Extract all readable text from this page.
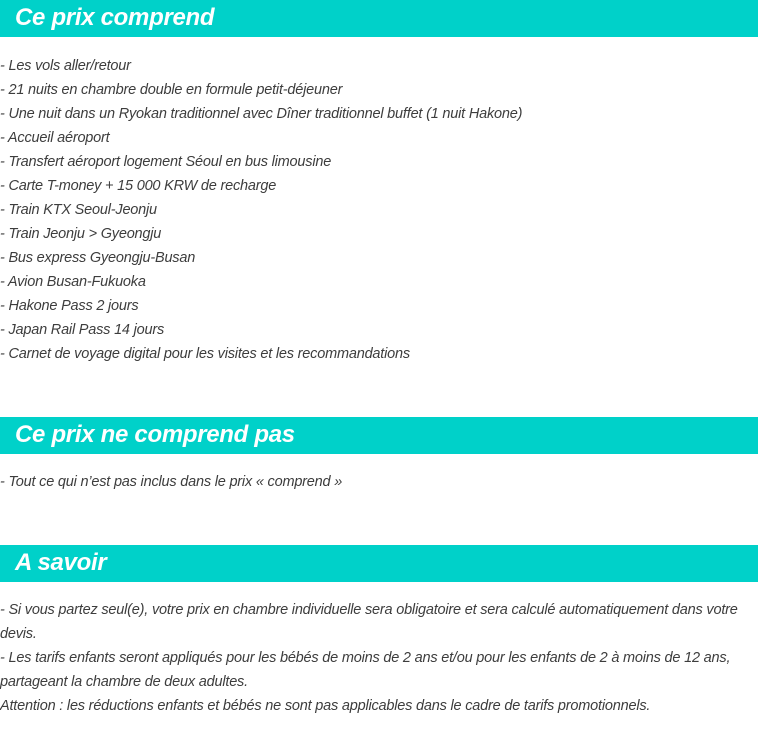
Ce prix comprend
- Les vols aller/retour
- 21 nuits en chambre double en formule petit-déjeuner
- Une nuit dans un Ryokan traditionnel avec Dîner traditionnel buffet (1 nuit Hakone)
- Accueil aéroport
- Transfert aéroport logement Séoul en bus limousine
- Carte T-money + 15 000 KRW de recharge
- Train KTX Seoul-Jeonju
- Train Jeonju > Gyeongju
- Bus express Gyeongju-Busan
- Avion Busan-Fukuoka
- Hakone Pass 2 jours
- Japan Rail Pass 14 jours
- Carnet de voyage digital pour les visites et les recommandations
Ce prix ne comprend pas
- Tout ce qui n’est pas inclus dans le prix « comprend »
A savoir

- Si vous partez seul(e), votre prix en chambre individuelle sera obligatoire et sera calculé automatiquement dans votre devis.

- Les tarifs enfants seront appliqués pour les bébés de moins de 2 ans et/ou pour les enfants de 2 à moins de 12 ans, partageant la chambre de deux adultes.

Attention : les réductions enfants et bébés ne sont pas applicables dans le cadre de tarifs promotionnels.
